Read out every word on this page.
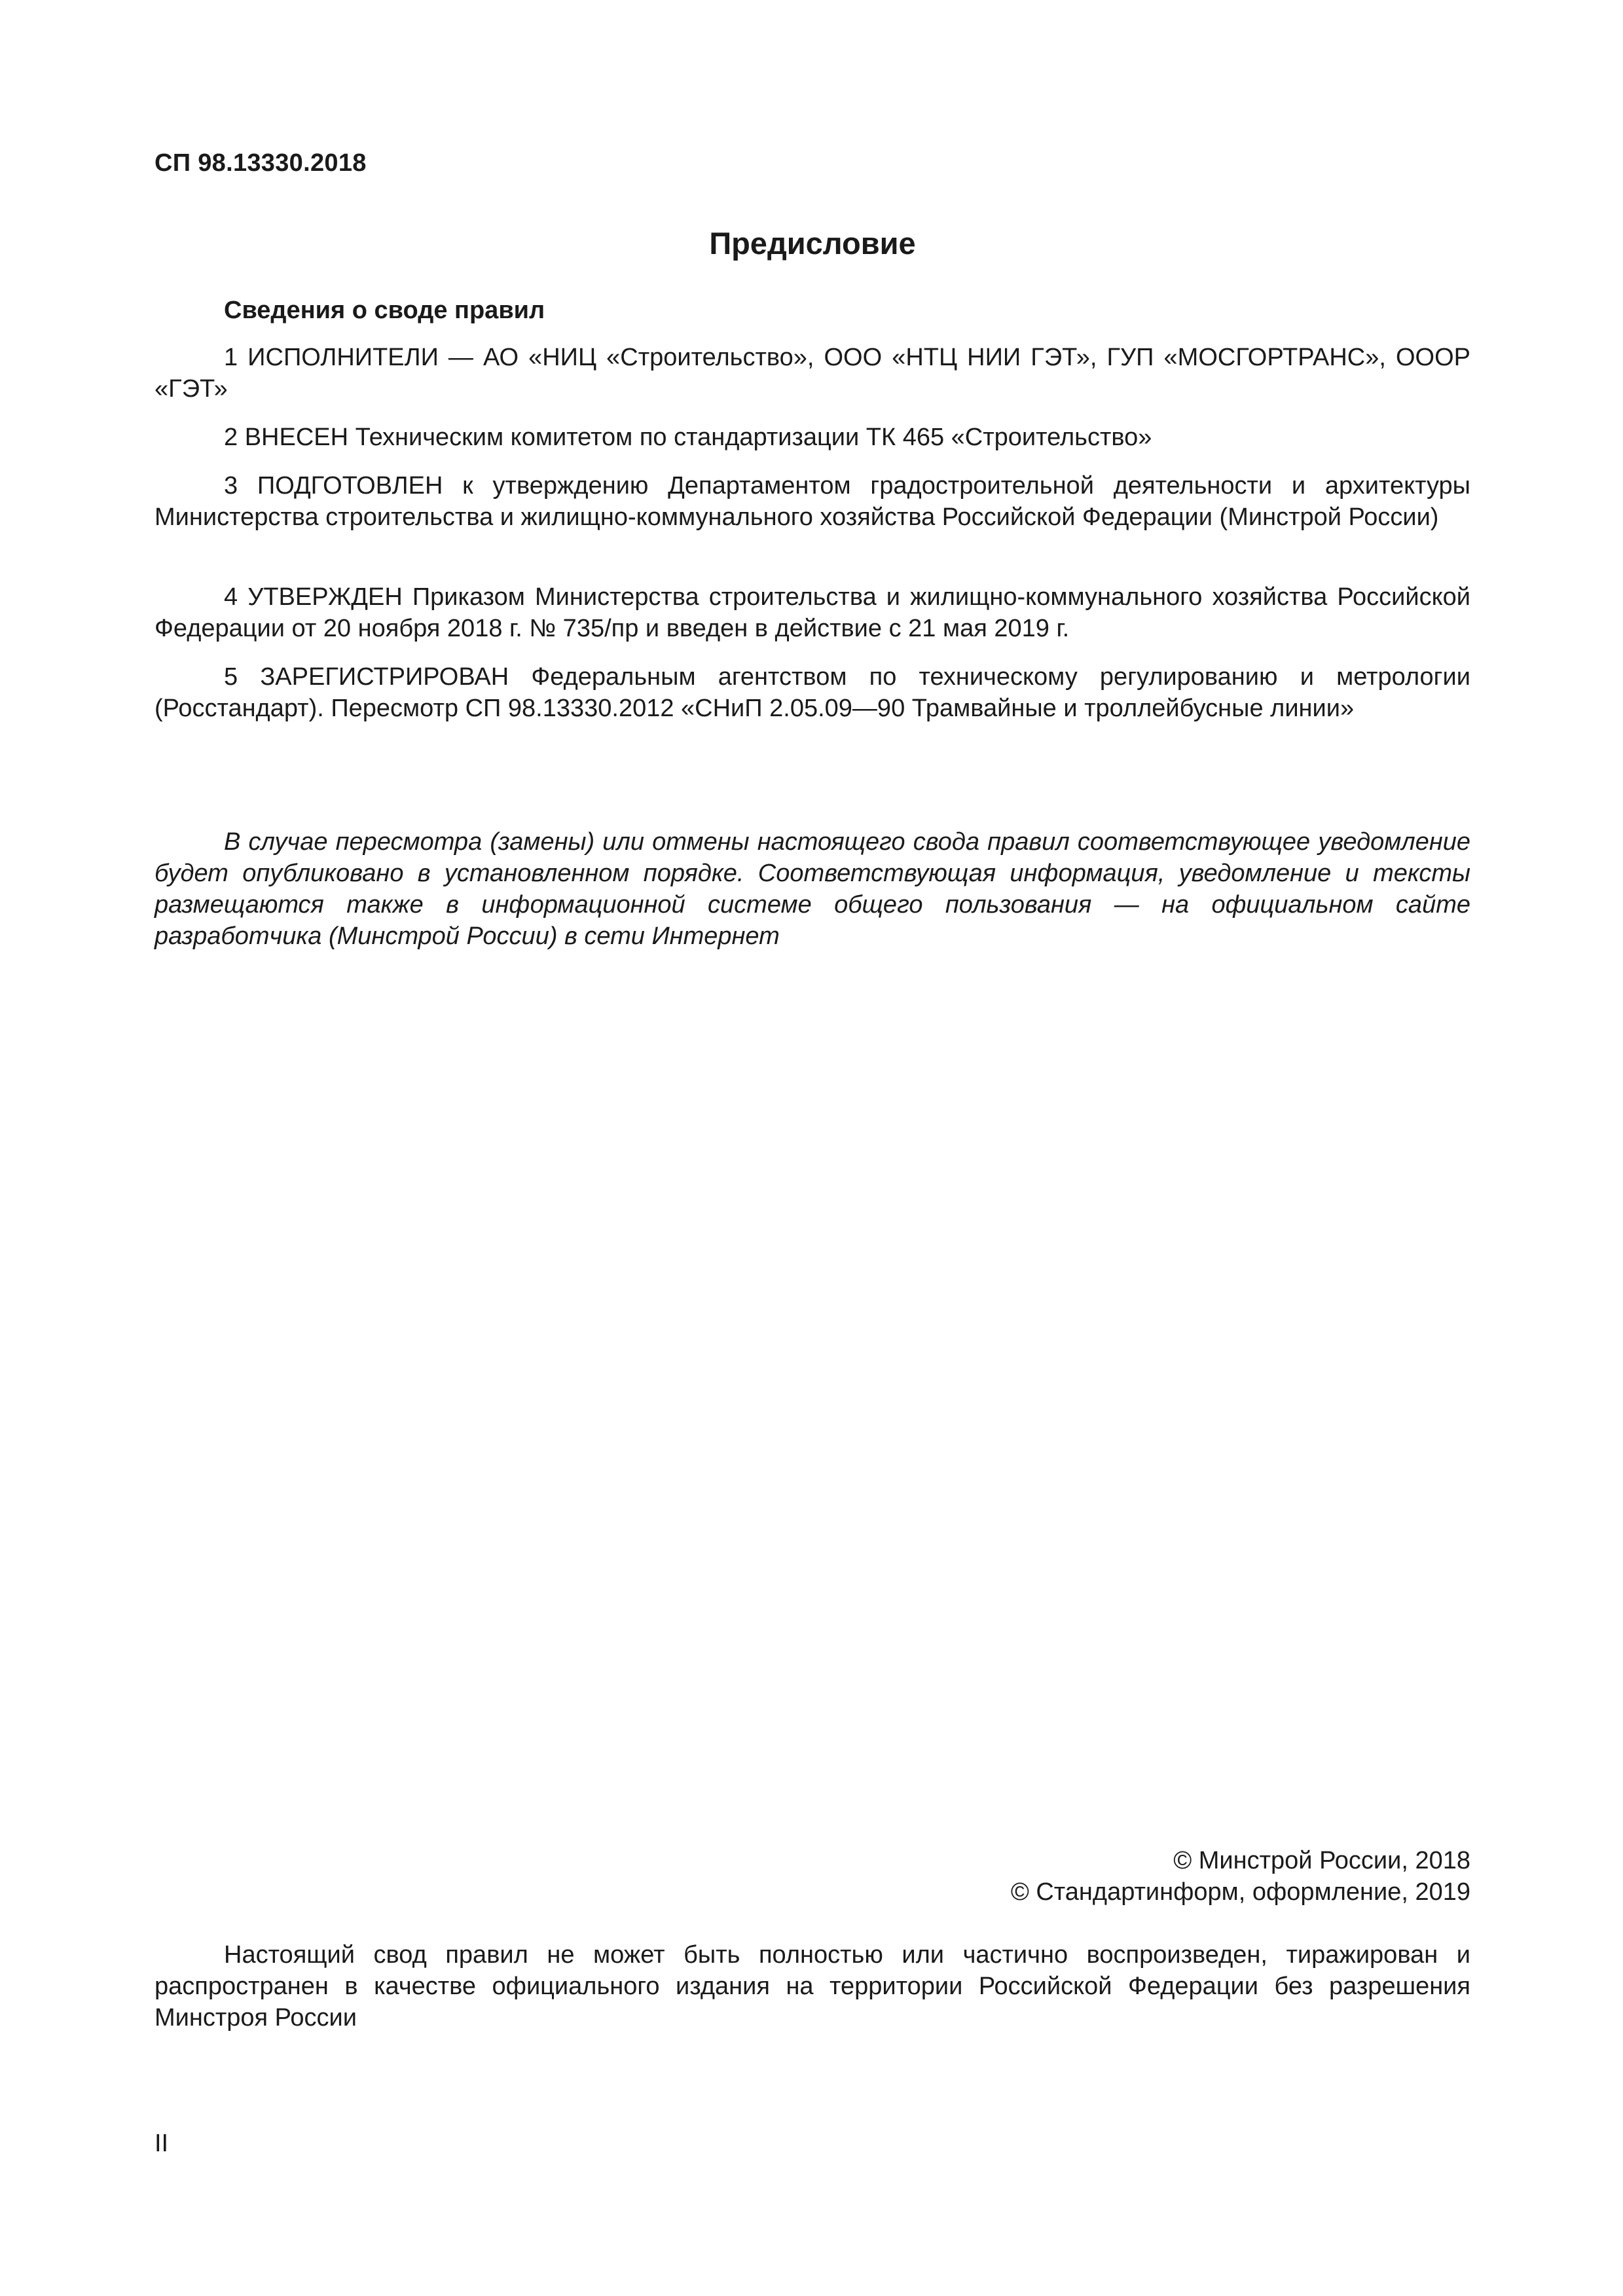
СП 98.13330.2018
Предисловие
Сведения о своде правил

1 ИСПОЛНИТЕЛИ — АО «НИЦ «Строительство», ООО «НТЦ НИИ ГЭТ», ГУП «МОСГОРТРАНС», ОООР «ГЭТ»

2 ВНЕСЕН Техническим комитетом по стандартизации ТК 465 «Строительство»

3 ПОДГОТОВЛЕН к утверждению Департаментом градостроительной деятельности и архитектуры Министерства строительства и жилищно-коммунального хозяйства Российской Федерации (Минстрой России)

4 УТВЕРЖДЕН Приказом Министерства строительства и жилищно-коммунального хозяйства Российской Федерации от 20 ноября 2018 г. № 735/пр и введен в действие с 21 мая 2019 г.

5 ЗАРЕГИСТРИРОВАН Федеральным агентством по техническому регулированию и метрологии (Росстандарт). Пересмотр СП 98.13330.2012 «СНиП 2.05.09—90 Трамвайные и троллейбусные линии»

В случае пересмотра (замены) или отмены настоящего свода правил соответствующее уведомление будет опубликовано в установленном порядке. Соответствующая информация, уведомление и тексты размещаются также в информационной системе общего пользования — на официальном сайте разработчика (Минстрой России) в сети Интернет

© Минстрой России, 2018
© Стандартинформ, оформление, 2019

Настоящий свод правил не может быть полностью или частично воспроизведен, тиражирован и распространен в качестве официального издания на территории Российской Федерации без разрешения Минстроя России

II
